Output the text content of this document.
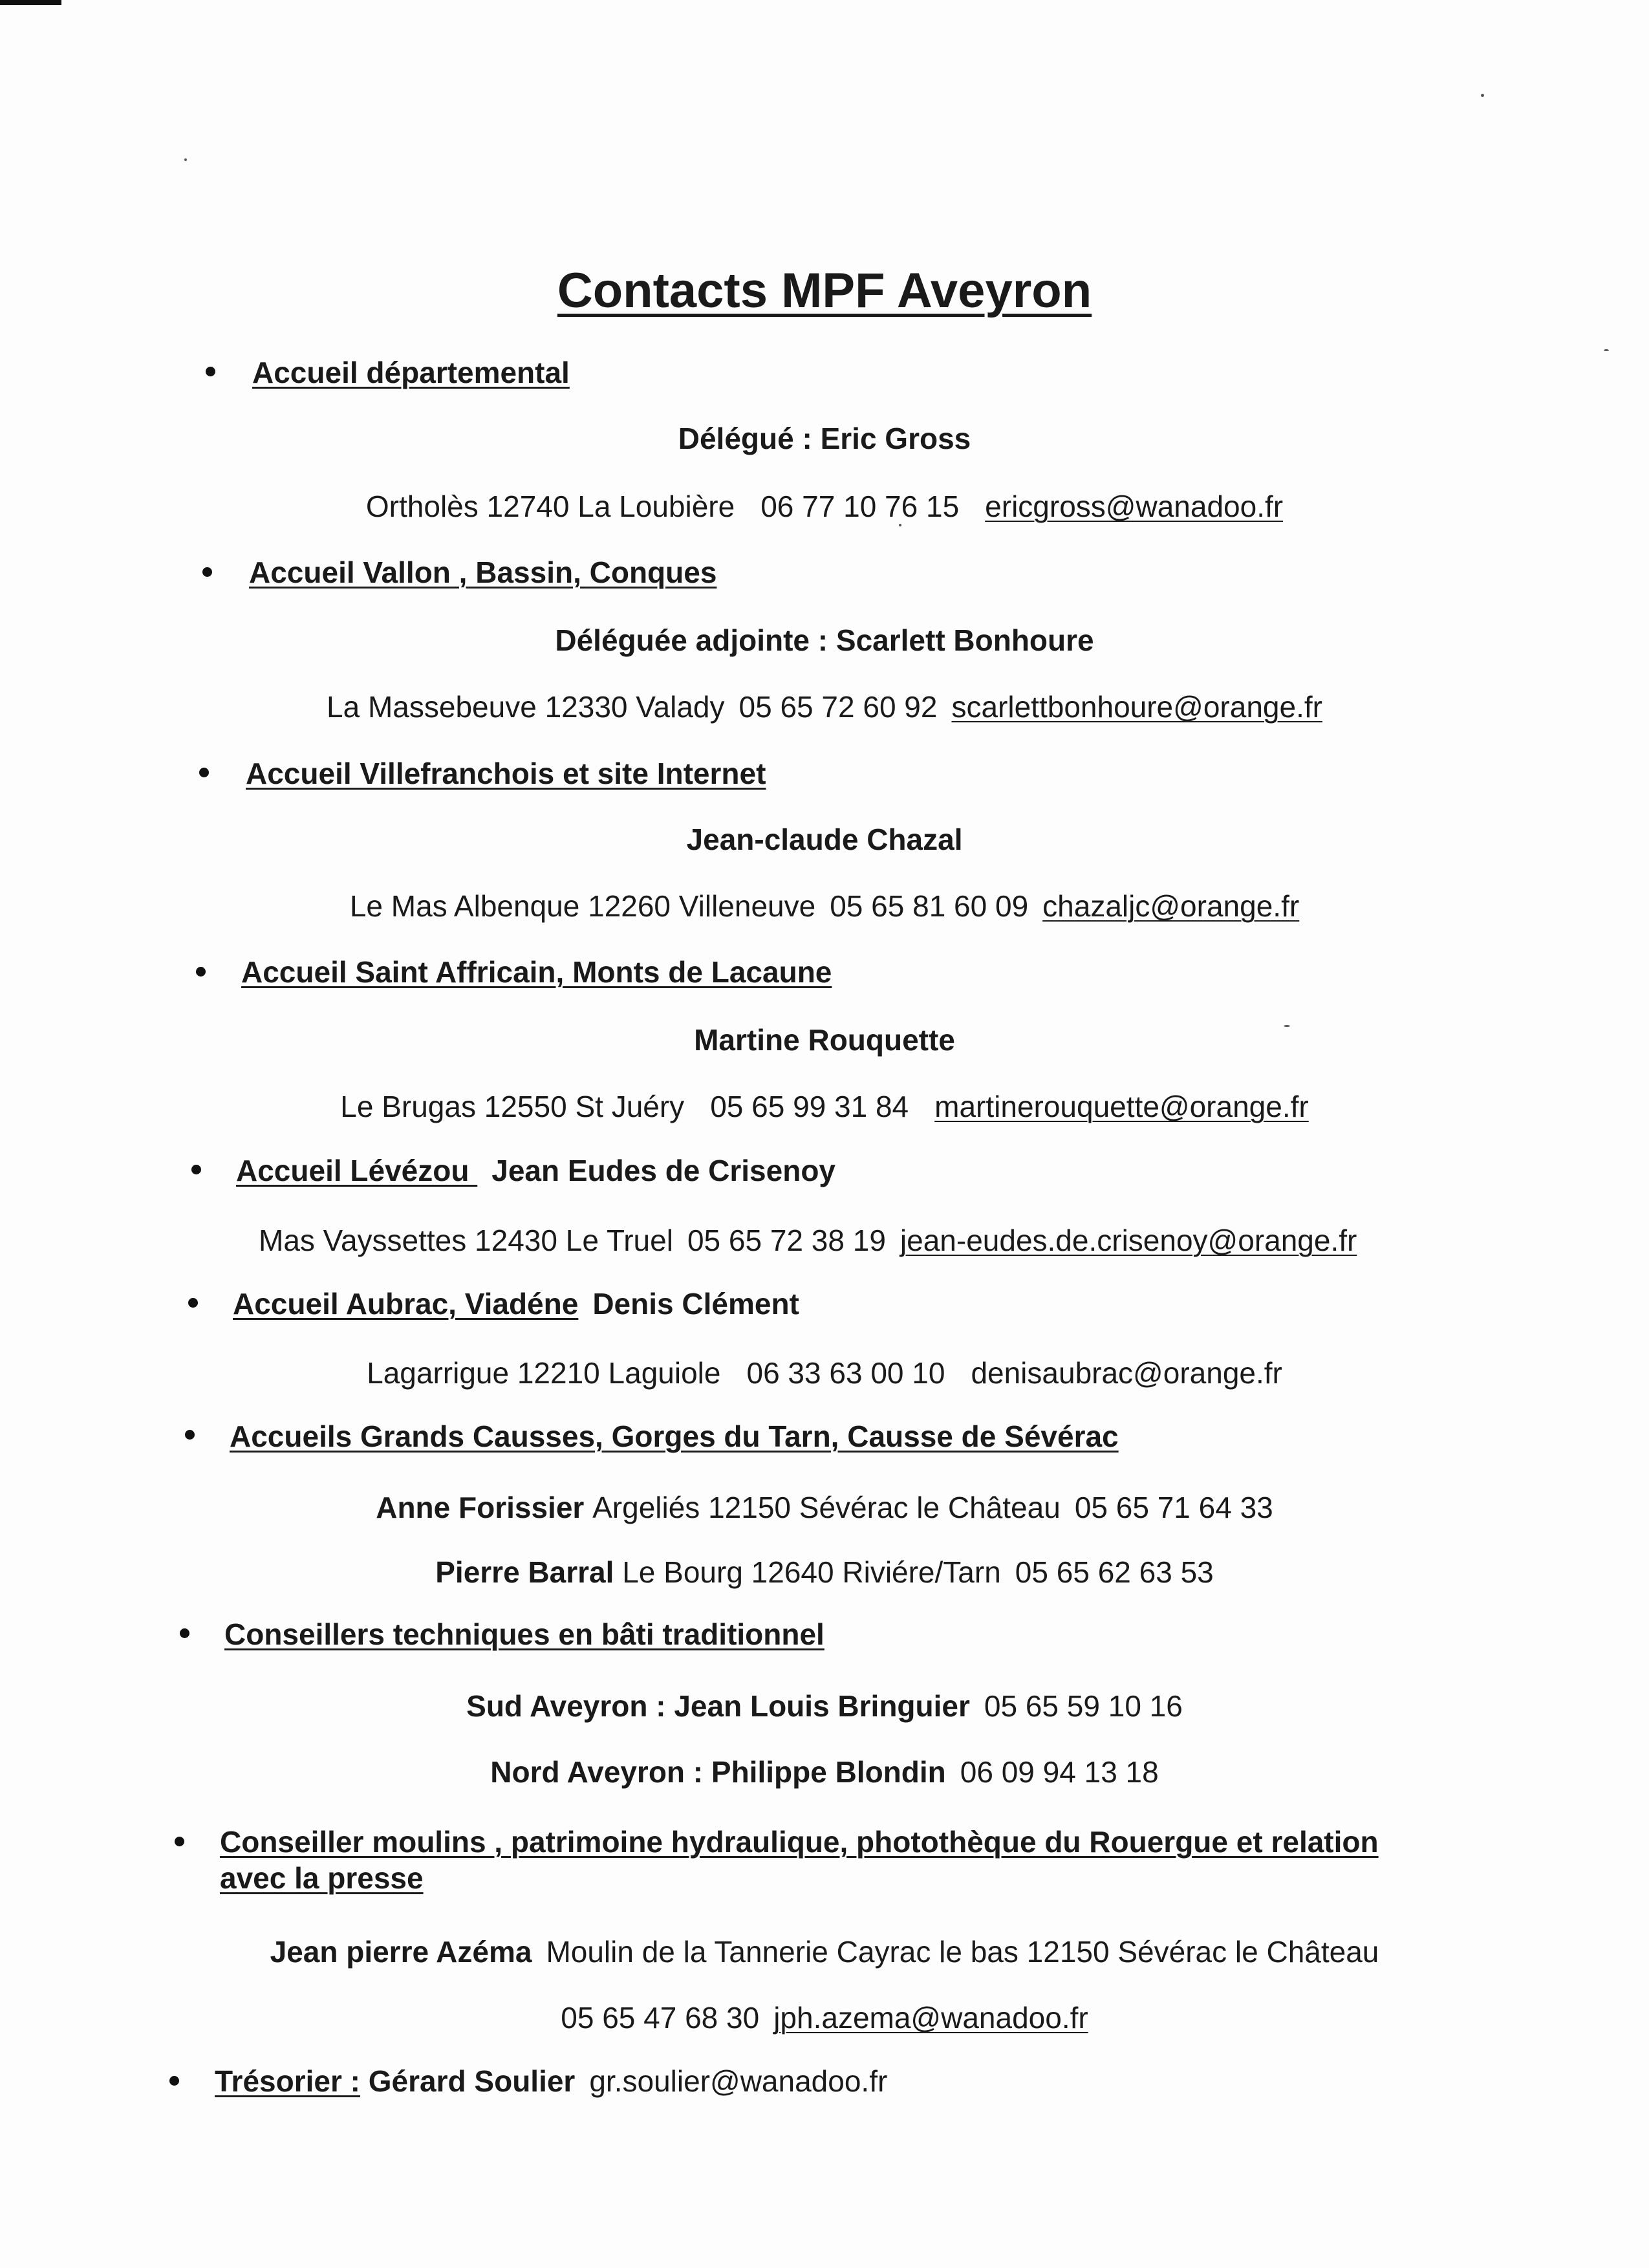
Contacts MPF Aveyron
Accueil départemental
Délégué : Eric Gross
Ortholès 12740 La Loubière 06 77 10 76 15 ericgross@wanadoo.fr
Accueil Vallon , Bassin, Conques
Déléguée adjointe : Scarlett Bonhoure
La Massebeuve 12330 Valady 05 65 72 60 92 scarlettbonhoure@orange.fr
Accueil Villefranchois et site Internet
Jean-claude Chazal
Le Mas Albenque 12260 Villeneuve 05 65 81 60 09 chazaljc@orange.fr
Accueil Saint Affricain, Monts de Lacaune
Martine Rouquette
Le Brugas 12550 St Juéry 05 65 99 31 84 martinerouquette@orange.fr
Accueil Lévézou Jean Eudes de Crisenoy
Mas Vayssettes 12430 Le Truel 05 65 72 38 19 jean-eudes.de.crisenoy@orange.fr
Accueil Aubrac, Viadéne Denis Clément
Lagarrigue 12210 Laguiole 06 33 63 00 10 denisaubrac@orange.fr
Accueils Grands Causses, Gorges du Tarn, Causse de Sévérac
Anne Forissier Argeliés 12150 Sévérac le Château 05 65 71 64 33
Pierre Barral Le Bourg 12640 Riviére/Tarn 05 65 62 63 53
Conseillers techniques en bâti traditionnel
Sud Aveyron : Jean Louis Bringuier 05 65 59 10 16
Nord Aveyron : Philippe Blondin 06 09 94 13 18
Conseiller moulins , patrimoine hydraulique, photothèque du Rouergue et relation
avec la presse
Jean pierre Azéma Moulin de la Tannerie Cayrac le bas 12150 Sévérac le Château
05 65 47 68 30 jph.azema@wanadoo.fr
Trésorier : Gérard Soulier gr.soulier@wanadoo.fr
